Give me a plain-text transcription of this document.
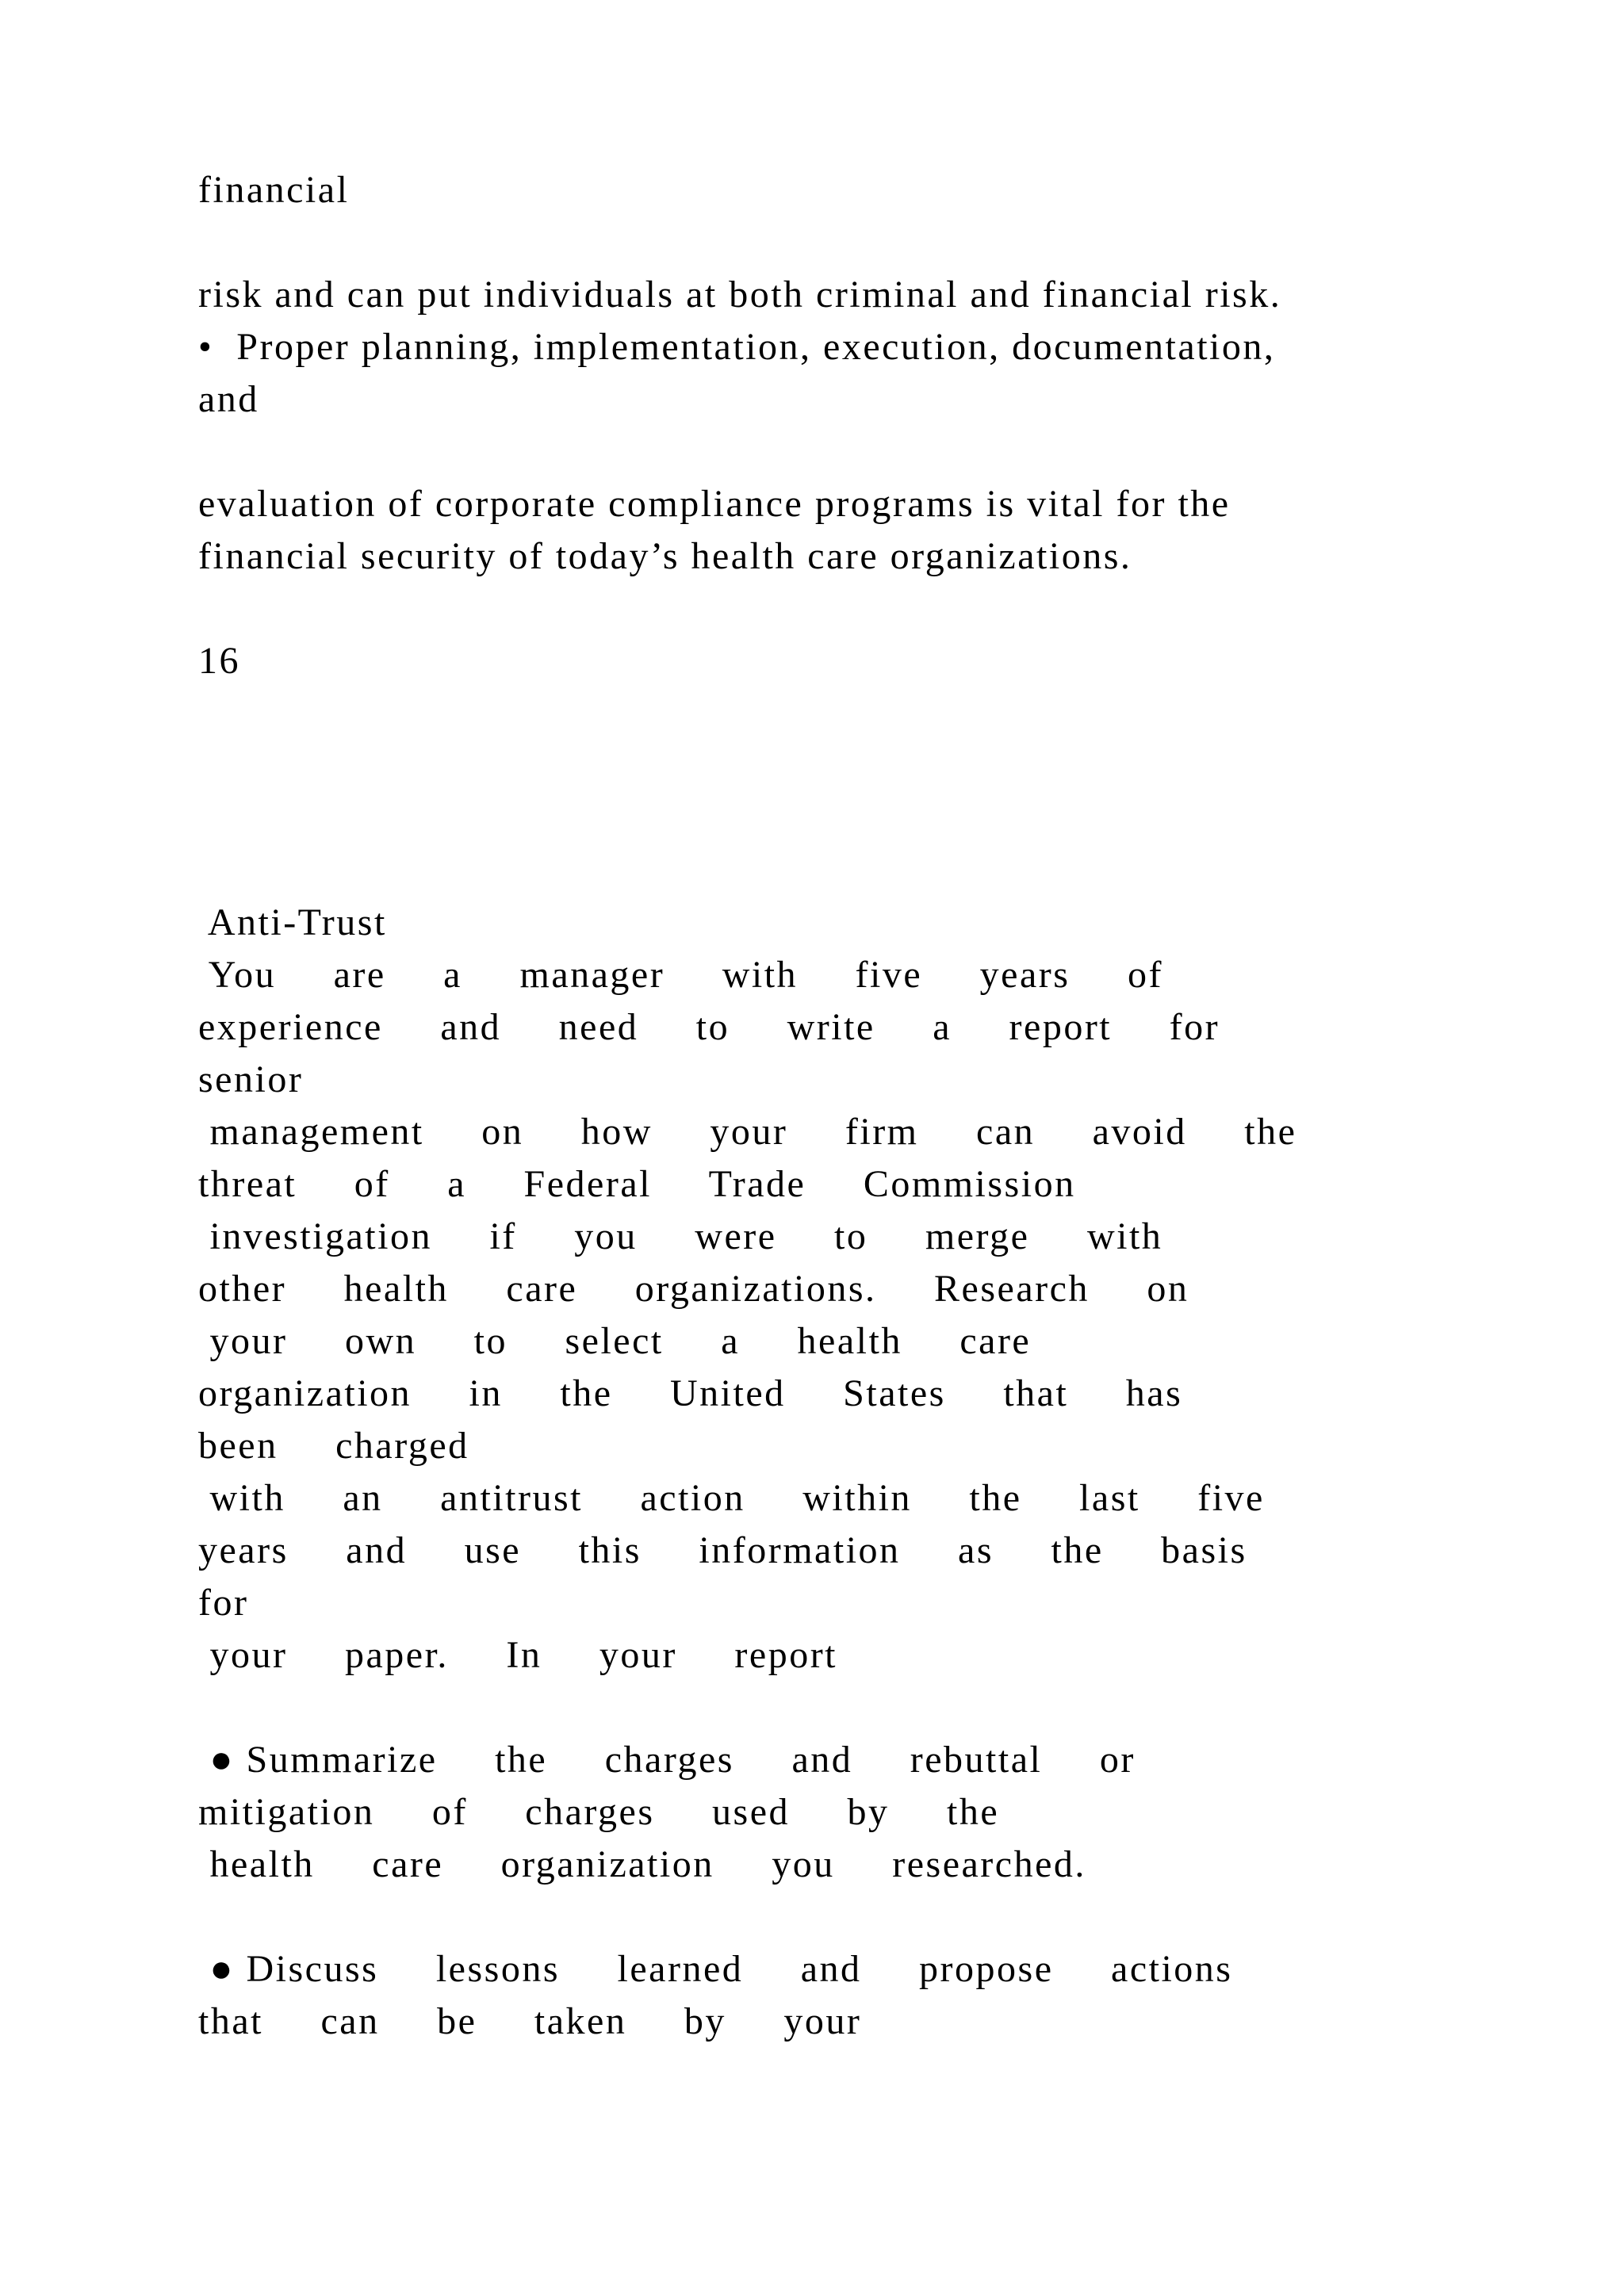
financial
risk and can put individuals at both criminal and financial risk.
•  Proper planning, implementation, execution, documentation,
and
evaluation of corporate compliance programs is vital for the
financial security of today’s health care organizations.
16
Anti-Trust
You     are     a     manager     with     five     years     of
experience     and     need     to     write     a     report     for
senior
management     on     how     your     firm     can     avoid     the
threat     of     a     Federal     Trade     Commission
investigation     if     you     were     to     merge     with
other     health     care     organizations.     Research     on
your     own     to     select     a     health     care
organization     in     the     United     States     that     has
been     charged
with     an     antitrust     action     within     the     last     five
years     and     use     this     information     as     the     basis
for
your     paper.     In     your     report
● Summarize     the     charges     and     rebuttal     or
mitigation     of     charges     used     by     the
health     care     organization     you     researched.
● Discuss     lessons     learned     and     propose     actions
that     can     be     taken     by     your
